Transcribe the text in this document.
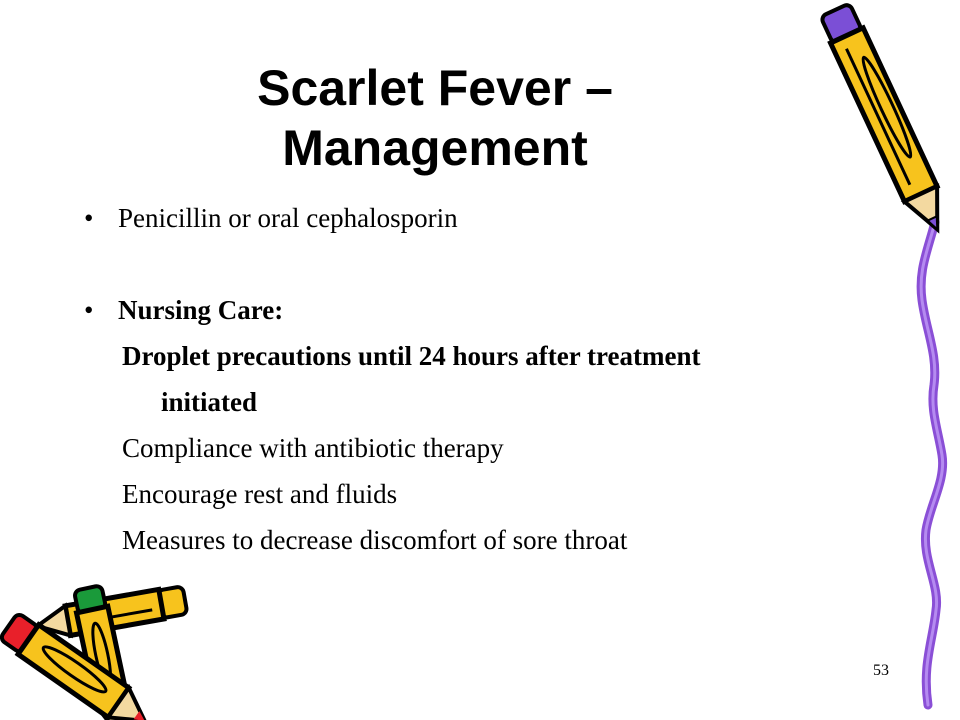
Scarlet Fever –
Management
• Penicillin or oral cephalosporin
• Nursing Care:
Droplet precautions until 24 hours after treatment
initiated
Compliance with antibiotic therapy
Encourage rest and fluids
Measures to decrease discomfort of sore throat
53
